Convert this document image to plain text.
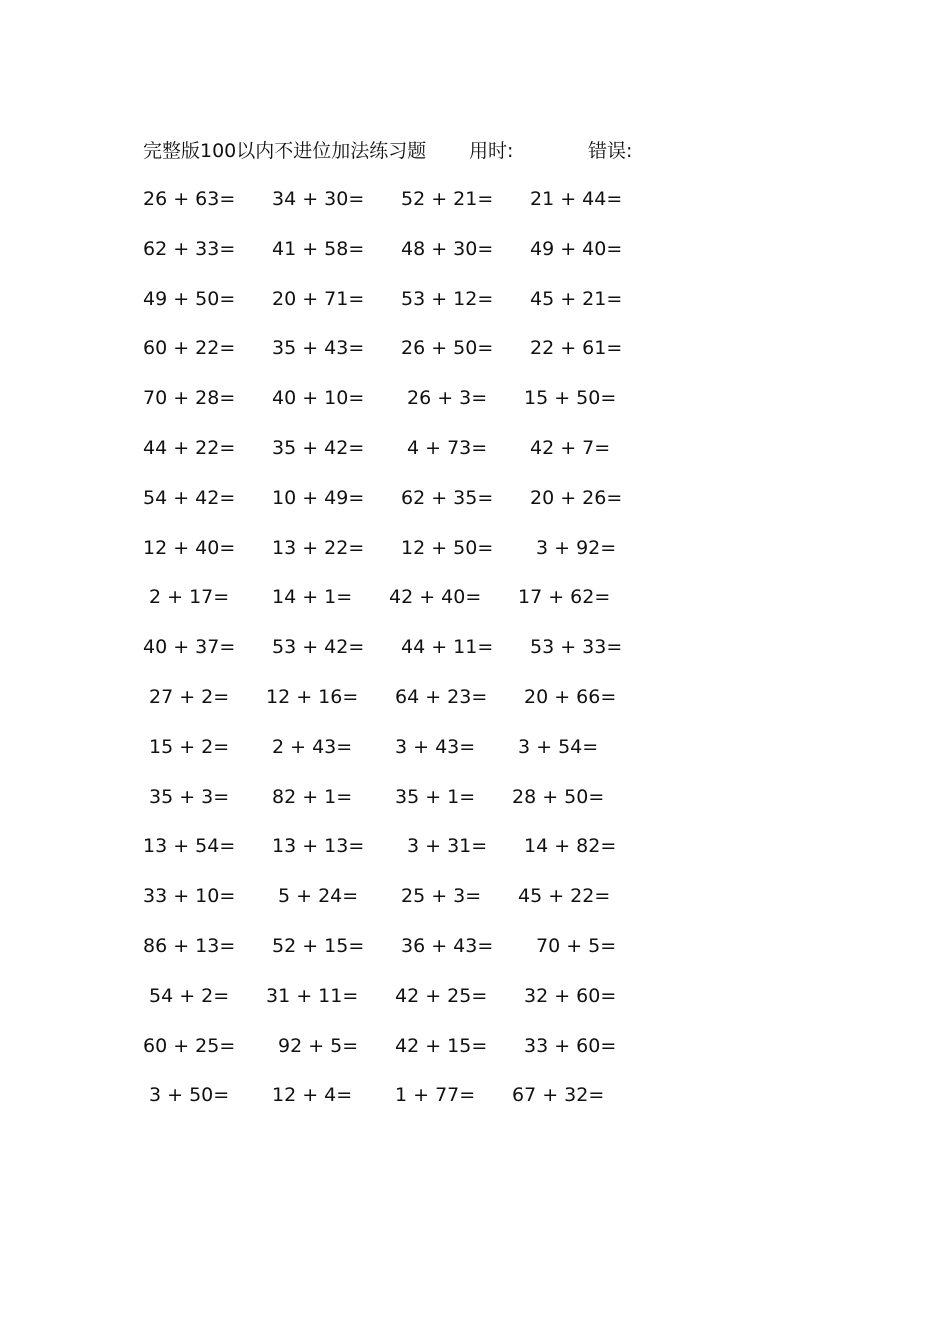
完整版100以内不进位加法练习题 用时:	错误:
26 + 63= 34 + 30= 52 + 21= 21 + 44=
62 + 33= 41 + 58= 48 + 30= 49 + 40=
49 + 50= 20 + 71= 53 + 12= 45 + 21=
60 + 22= 35 + 43= 26 + 50= 22 + 61=
70 + 28= 40 + 10= 26 + 3= 15 + 50=
44 + 22= 35 + 42= 4 + 73= 42 + 7=
54 + 42= 10 + 49= 62 + 35= 20 + 26=
12 + 40= 13 + 22= 12 + 50= 3 + 92=
2 + 17= 14 + 1= 42 + 40= 17 + 62=
40 + 37= 53 + 42= 44 + 11= 53 + 33=
27 + 2= 12 + 16= 64 + 23= 20 + 66=
15 + 2= 2 + 43= 3 + 43= 3 + 54=
35 + 3= 82 + 1= 35 + 1= 28 + 50=
13 + 54= 13 + 13= 3 + 31= 14 + 82=
33 + 10= 5 + 24= 25 + 3= 45 + 22=
86 + 13= 52 + 15= 36 + 43= 70 + 5=
54 + 2= 31 + 11= 42 + 25= 32 + 60=
60 + 25= 92 + 5= 42 + 15= 33 + 60=
3 + 50= 12 + 4= 1 + 77= 67 + 32=
